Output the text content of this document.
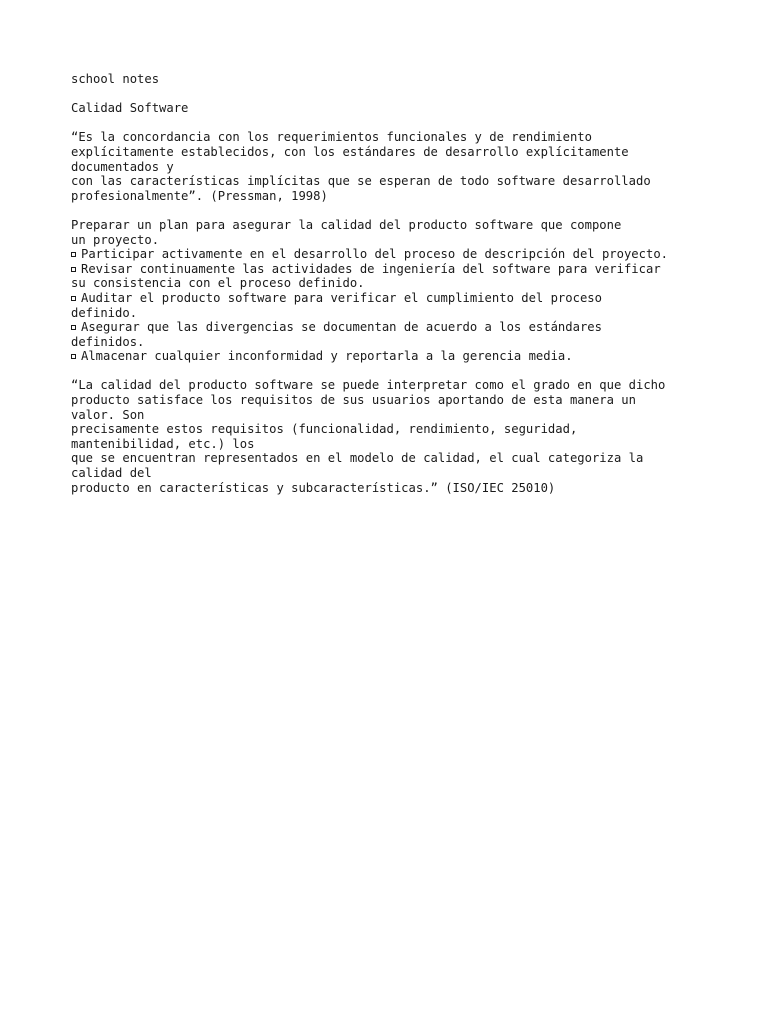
school notes
Calidad Software
“Es la concordancia con los requerimientos funcionales y de rendimiento
explícitamente establecidos, con los estándares de desarrollo explícitamente
documentados y
con las características implícitas que se esperan de todo software desarrollado
profesionalmente”. (Pressman, 1998)
Preparar un plan para asegurar la calidad del producto software que compone
un proyecto.
Participar activamente en el desarrollo del proceso de descripción del proyecto.
Revisar continuamente las actividades de ingeniería del software para verificar
su consistencia con el proceso definido.
Auditar el producto software para verificar el cumplimiento del proceso
definido.
Asegurar que las divergencias se documentan de acuerdo a los estándares
definidos.
Almacenar cualquier inconformidad y reportarla a la gerencia media.
“La calidad del producto software se puede interpretar como el grado en que dicho
producto satisface los requisitos de sus usuarios aportando de esta manera un
valor. Son
precisamente estos requisitos (funcionalidad, rendimiento, seguridad,
mantenibilidad, etc.) los
que se encuentran representados en el modelo de calidad, el cual categoriza la
calidad del
producto en características y subcaracterísticas.” (ISO/IEC 25010)
